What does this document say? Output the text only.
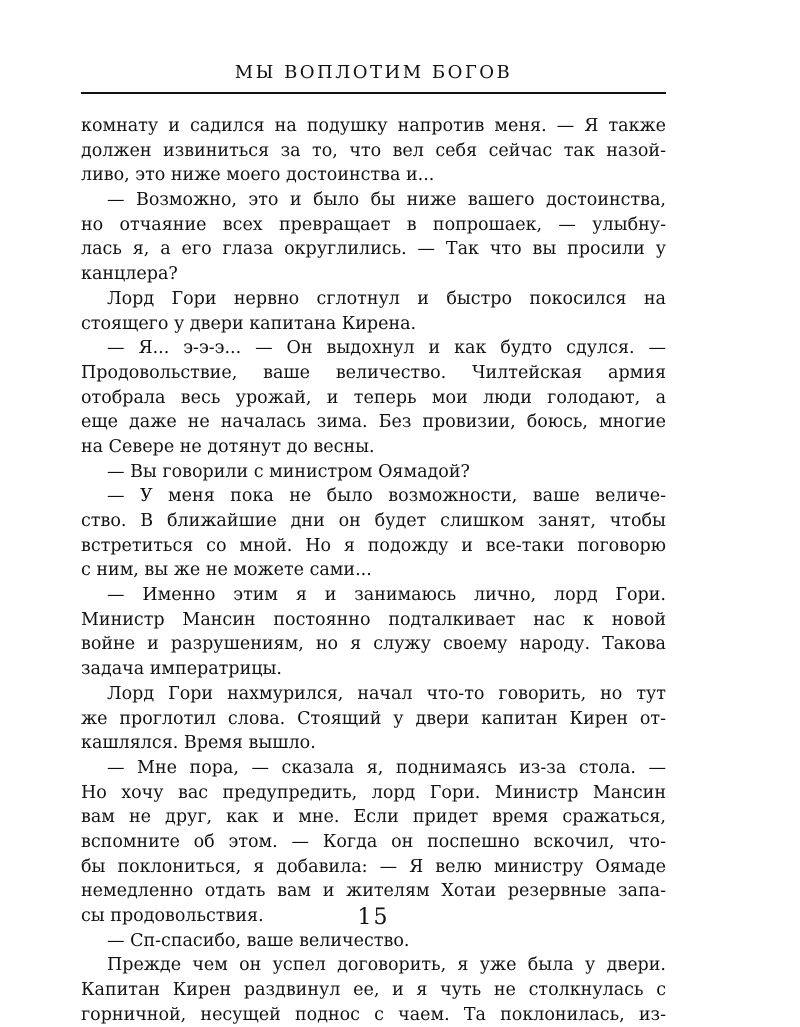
МЫ ВОПЛОТИМ БОГОВ
комнату и садился на подушку напротив меня. — Я также
должен извиниться за то, что вел себя сейчас так назой-
ливо, это ниже моего достоинства и...
— Возможно, это и было бы ниже вашего достоинства,
но отчаяние всех превращает в попрошаек, — улыбну-
лась я, а его глаза округлились. — Так что вы просили у
канцлера?
Лорд Гори нервно сглотнул и быстро покосился на
стоящего у двери капитана Кирена.
— Я... э-э-э... — Он выдохнул и как будто сдулся. —
Продовольствие, ваше величество. Чилтейская армия
отобрала весь урожай, и теперь мои люди голодают, а
еще даже не началась зима. Без провизии, боюсь, многие
на Севере не дотянут до весны.
— Вы говорили с министром Оямадой?
— У меня пока не было возможности, ваше величе-
ство. В ближайшие дни он будет слишком занят, чтобы
встретиться со мной. Но я подожду и все-таки поговорю
с ним, вы же не можете сами...
— Именно этим я и занимаюсь лично, лорд Гори.
Министр Мансин постоянно подталкивает нас к новой
войне и разрушениям, но я служу своему народу. Такова
задача императрицы.
Лорд Гори нахмурился, начал что-то говорить, но тут
же проглотил слова. Стоящий у двери капитан Кирен от-
кашлялся. Время вышло.
— Мне пора, — сказала я, поднимаясь из-за стола. —
Но хочу вас предупредить, лорд Гори. Министр Мансин
вам не друг, как и мне. Если придет время сражаться,
вспомните об этом. — Когда он поспешно вскочил, что-
бы поклониться, я добавила: — Я велю министру Оямаде
немедленно отдать вам и жителям Хотаи резервные запа-
сы продовольствия.
— Сп-спасибо, ваше величество.
Прежде чем он успел договорить, я уже была у двери.
Капитан Кирен раздвинул ее, и я чуть не столкнулась с
горничной, несущей поднос с чаем. Та поклонилась, из-
15
